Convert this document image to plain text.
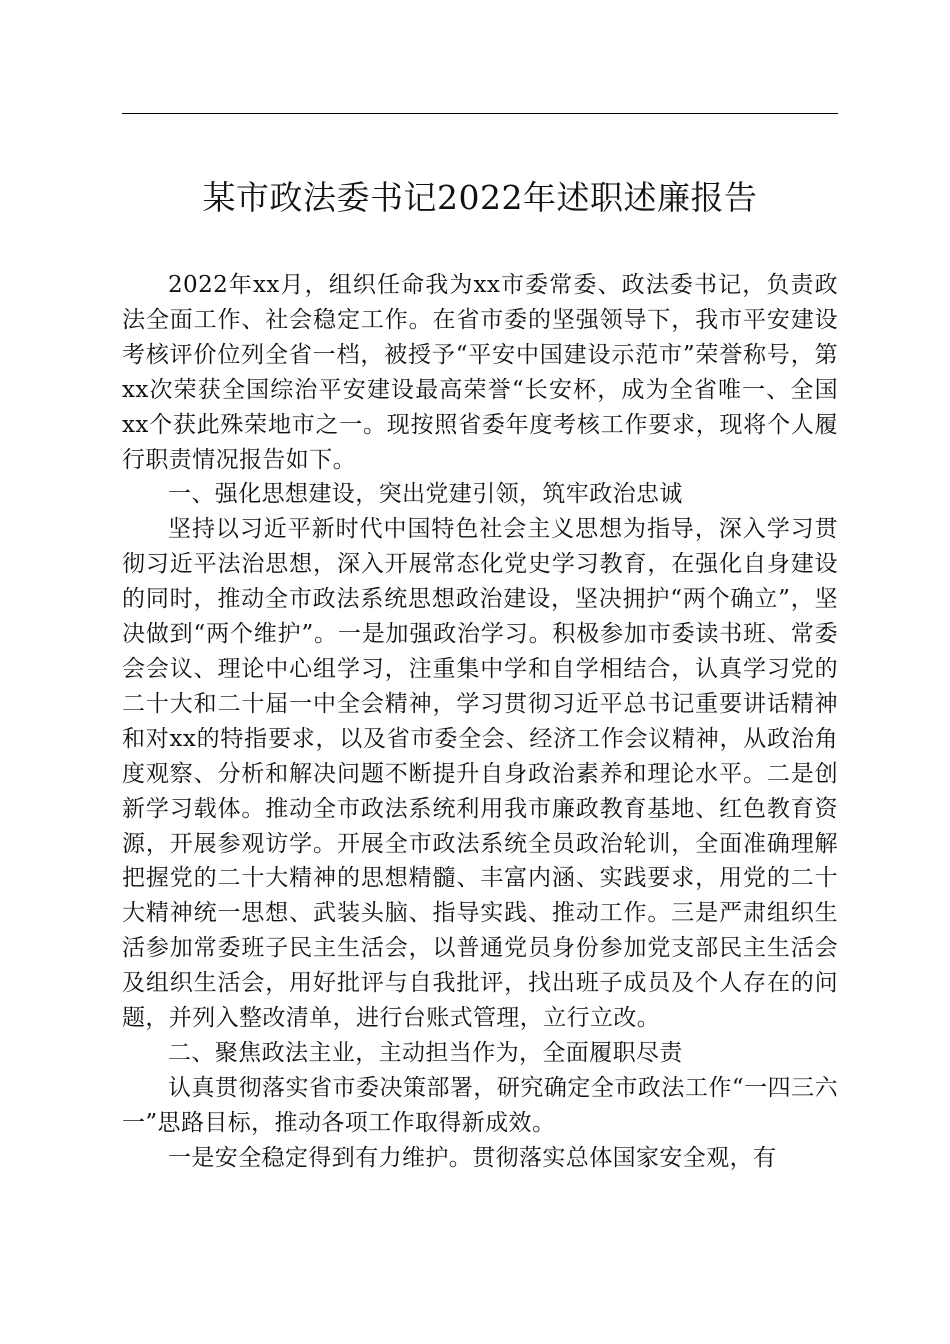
某市政法委书记2022年述职述廉报告

2022年xx月，组织任命我为xx市委常委、政法委书记，负责政法全面工作、社会稳定工作。在省市委的坚强领导下，我市平安建设考核评价位列全省一档，被授予“平安中国建设示范市”荣誉称号，第xx次荣获全国综治平安建设最高荣誉“长安杯，成为全省唯一、全国xx个获此殊荣地市之一。现按照省委年度考核工作要求，现将个人履行职责情况报告如下。

一、强化思想建设，突出党建引领，筑牢政治忠诚

坚持以习近平新时代中国特色社会主义思想为指导，深入学习贯彻习近平法治思想，深入开展常态化党史学习教育，在强化自身建设的同时，推动全市政法系统思想政治建设，坚决拥护“两个确立”，坚决做到“两个维护”。一是加强政治学习。积极参加市委读书班、常委会会议、理论中心组学习，注重集中学和自学相结合，认真学习党的二十大和二十届一中全会精神，学习贯彻习近平总书记重要讲话精神和对xx的特指要求，以及省市委全会、经济工作会议精神，从政治角度观察、分析和解决问题不断提升自身政治素养和理论水平。二是创新学习载体。推动全市政法系统利用我市廉政教育基地、红色教育资源，开展参观访学。开展全市政法系统全员政治轮训，全面准确理解把握党的二十大精神的思想精髓、丰富内涵、实践要求，用党的二十大精神统一思想、武装头脑、指导实践、推动工作。三是严肃组织生活参加常委班子民主生活会，以普通党员身份参加党支部民主生活会及组织生活会，用好批评与自我批评，找出班子成员及个人存在的问题，并列入整改清单，进行台账式管理，立行立改。

二、聚焦政法主业，主动担当作为，全面履职尽责

认真贯彻落实省市委决策部署，研究确定全市政法工作“一四三六一”思路目标，推动各项工作取得新成效。

一是安全稳定得到有力维护。贯彻落实总体国家安全观，有
